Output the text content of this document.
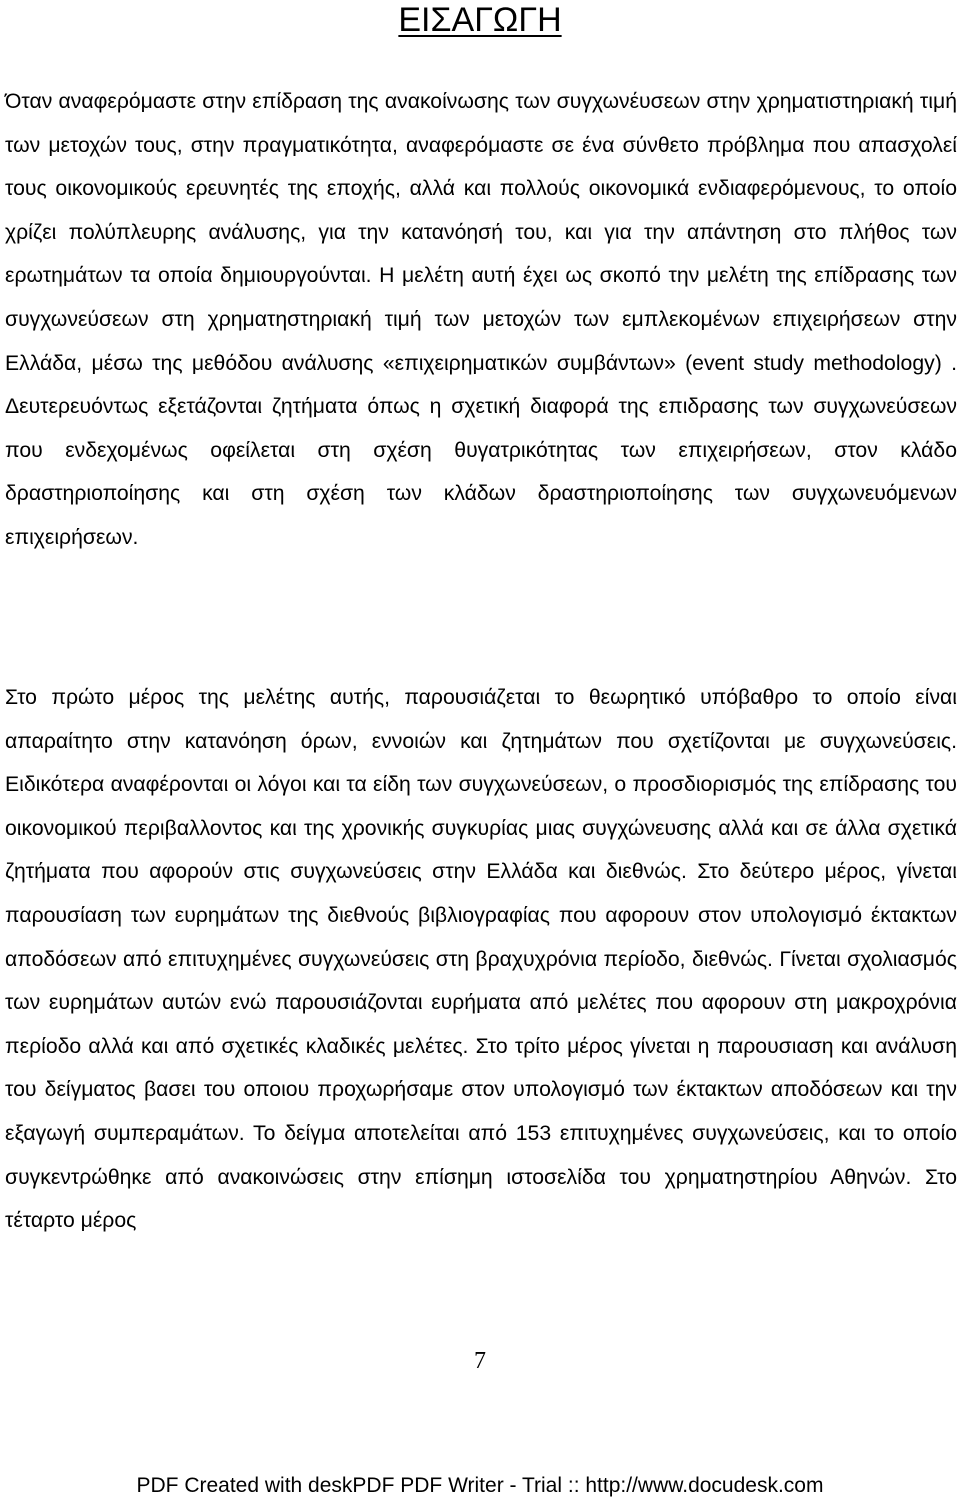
ΕΙΣΑΓΩΓΗ

Όταν αναφερόμαστε στην επίδραση της ανακοίνωσης των συγχωνέυσεων στην χρηματιστηριακή τιμή των μετοχών τους, στην πραγματικότητα, αναφερόμαστε σε ένα σύνθετο πρόβλημα που απασχολεί τους οικονομικούς ερευνητές της εποχής, αλλά και πολλούς οικονομικά ενδιαφερόμενους, το οποίο χρίζει πολύπλευρης ανάλυσης, για την κατανόησή του, και για την απάντηση στο πλήθος των ερωτημάτων τα οποία δημιουργούνται. Η μελέτη αυτή έχει ως σκοπό την μελέτη της επίδρασης των συγχωνεύσεων στη χρηματηστηριακή τιμή των μετοχών των εμπλεκομένων επιχειρήσεων στην Ελλάδα, μέσω της μεθόδου ανάλυσης «επιχειρηματικών συμβάντων» (event study methodology) . Δευτερευόντως εξετάζονται ζητήματα όπως η σχετική διαφορά της επιδρασης των συγχωνεύσεων που ενδεχομένως οφείλεται στη σχέση θυγατρικότητας των επιχειρήσεων, στον κλάδο δραστηριοποίησης και στη σχέση των κλάδων δραστηριοποίησης των συγχωνευόμενων επιχειρήσεων.

Στο πρώτο μέρος της μελέτης αυτής, παρουσιάζεται το θεωρητικό υπόβαθρο το οποίο είναι απαραίτητο στην κατανόηση όρων, εννοιών και ζητημάτων που σχετίζονται με συγχωνεύσεις. Ειδικότερα αναφέρονται οι λόγοι και τα είδη των συγχωνεύσεων, ο προσδιορισμός της επίδρασης του οικονομικού περιβαλλοντος και της χρονικής συγκυρίας μιας συγχώνευσης αλλά και σε άλλα σχετικά ζητήματα που αφορούν στις συγχωνεύσεις στην Ελλάδα και διεθνώς. Στο δεύτερο μέρος, γίνεται παρουσίαση των ευρημάτων της διεθνούς βιβλιογραφίας που αφορουν στον υπολογισμό έκτακτων αποδόσεων από επιτυχημένες συγχωνεύσεις στη βραχυχρόνια περίοδο, διεθνώς. Γίνεται σχολιασμός των ευρημάτων αυτών ενώ παρουσιάζονται ευρήματα από μελέτες που αφορουν στη μακροχρόνια περίοδο αλλά και από σχετικές κλαδικές μελέτες. Στο τρίτο μέρος γίνεται η παρουσιαση και ανάλυση του δείγματος βασει του οποιου προχωρήσαμε στον υπολογισμό των έκτακτων αποδόσεων και την εξαγωγή συμπεραμάτων. Το δείγμα αποτελείται από 153 επιτυχημένες συγχωνεύσεις, και το οποίο συγκεντρώθηκε από ανακοινώσεις στην επίσημη ιστοσελίδα του χρηματηστηρίου Αθηνών. Στο τέταρτο μέρος

7
PDF Created with deskPDF PDF Writer - Trial :: http://www.docudesk.com
